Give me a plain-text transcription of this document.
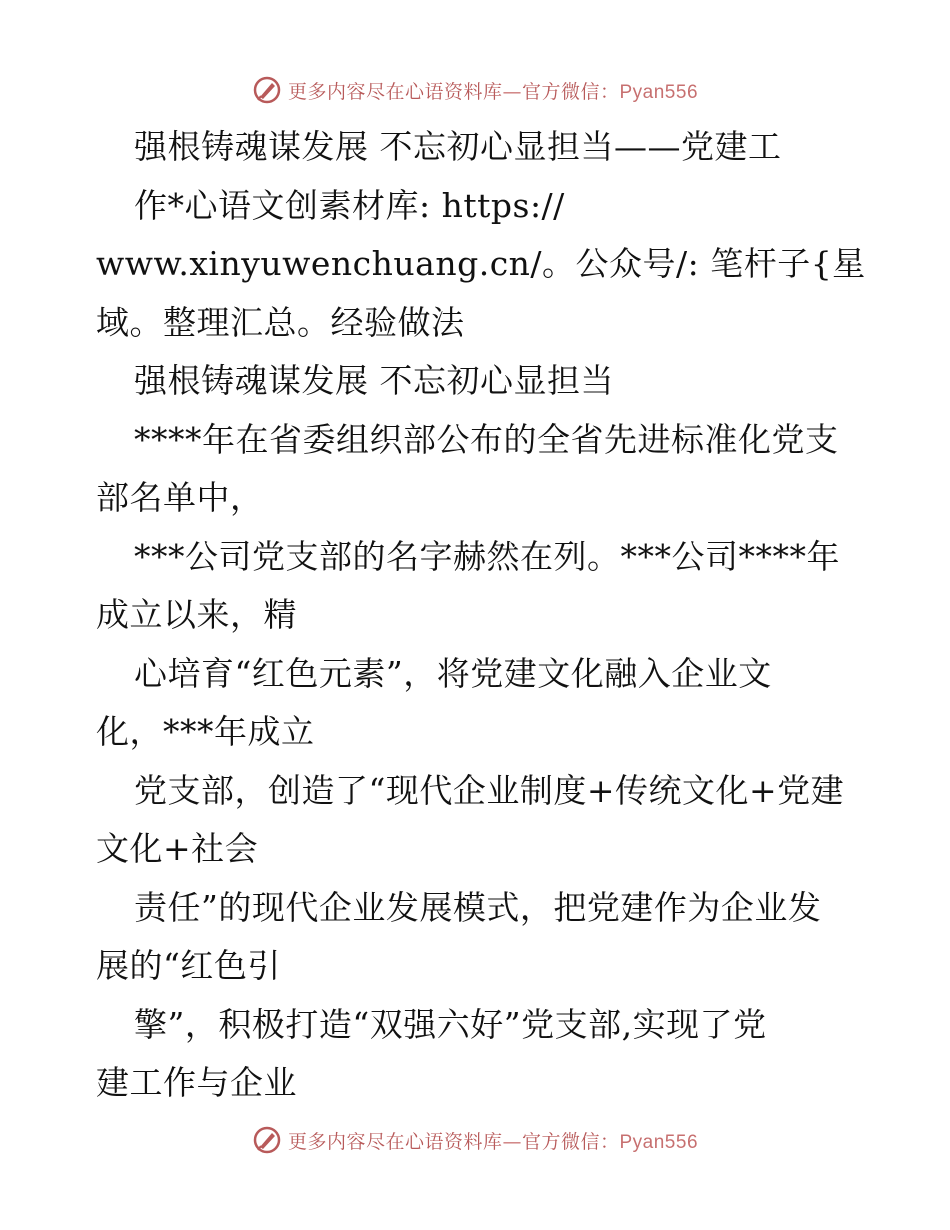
更多内容尽在心语资料库—官方微信：Pyan556
强根铸魂谋发展 不忘初心显担当——党建工
作*心语文创素材库: https://
www.xinyuwenchuang.cn/。公众号/: 笔杆子{星
域。整理汇总。经验做法
强根铸魂谋发展 不忘初心显担当
****年在省委组织部公布的全省先进标准化党支
部名单中，
***公司党支部的名字赫然在列。***公司****年
成立以来，精
心培育“红色元素”，将党建文化融入企业文
化，***年成立
党支部，创造了“现代企业制度+传统文化+党建
文化+社会
责任”的现代企业发展模式，把党建作为企业发
展的“红色引
擎”，积极打造“双强六好”党支部,实现了党
建工作与企业
更多内容尽在心语资料库—官方微信：Pyan556
